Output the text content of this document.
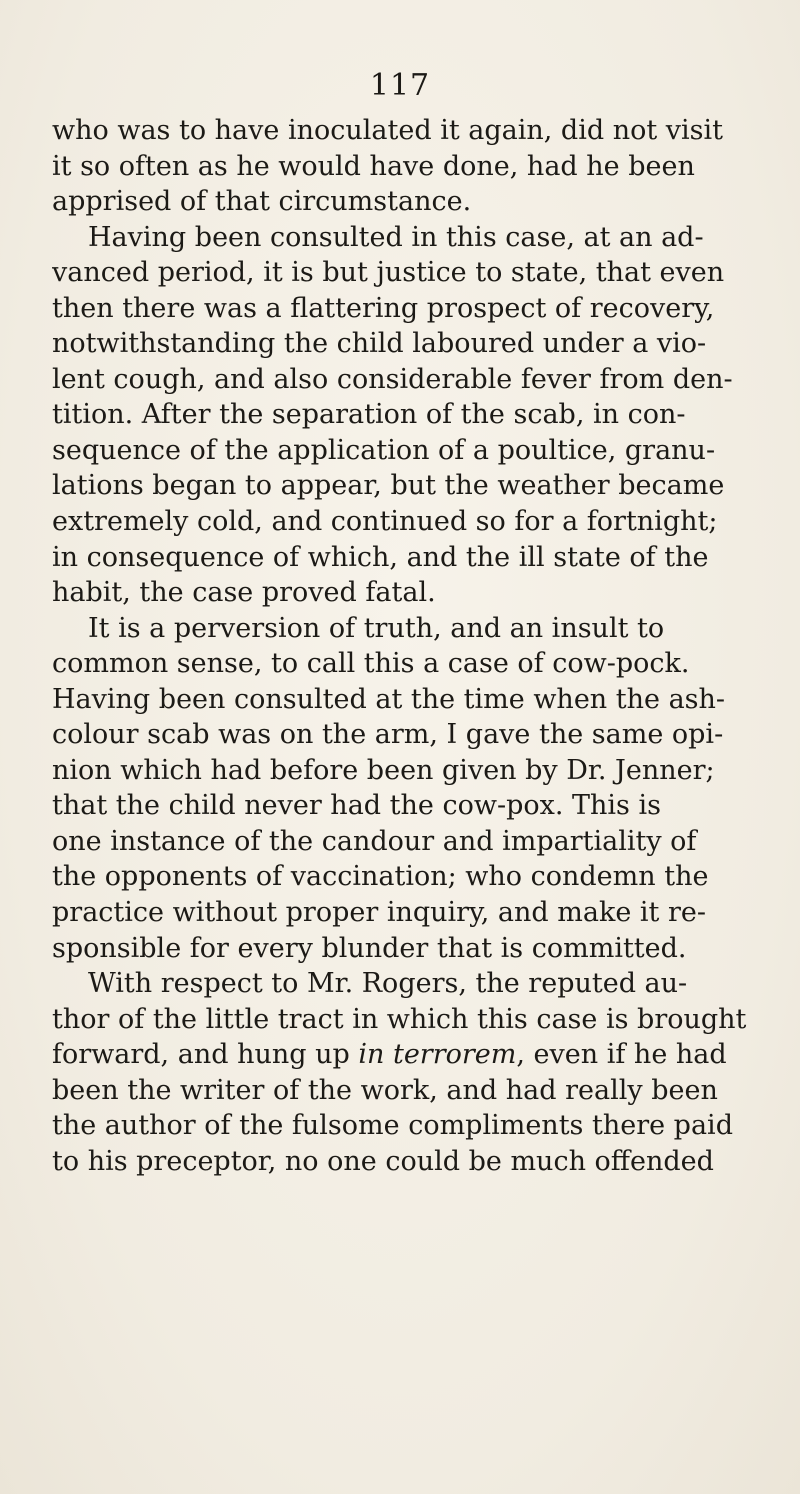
117
who was to have inoculated it again, did not visit
it so often as he would have done, had he been
apprised of that circumstance.
Having been consulted in this case, at an ad-
vanced period, it is but justice to state, that even
then there was a flattering prospect of recovery,
notwithstanding the child laboured under a vio-
lent cough, and also considerable fever from den-
tition. After the separation of the scab, in con-
sequence of the application of a poultice, granu-
lations began to appear, but the weather became
extremely cold, and continued so for a fortnight;
in consequence of which, and the ill state of the
habit, the case proved fatal.
It is a perversion of truth, and an insult to
common sense, to call this a case of cow-pock.
Having been consulted at the time when the ash-
colour scab was on the arm, I gave the same opi-
nion which had before been given by Dr. Jenner;
that the child never had the cow-pox. This is
one instance of the candour and impartiality of
the opponents of vaccination; who condemn the
practice without proper inquiry, and make it re-
sponsible for every blunder that is committed.
With respect to Mr. Rogers, the reputed au-
thor of the little tract in which this case is brought
forward, and hung up in terrorem, even if he had
been the writer of the work, and had really been
the author of the fulsome compliments there paid
to his preceptor, no one could be much offended
